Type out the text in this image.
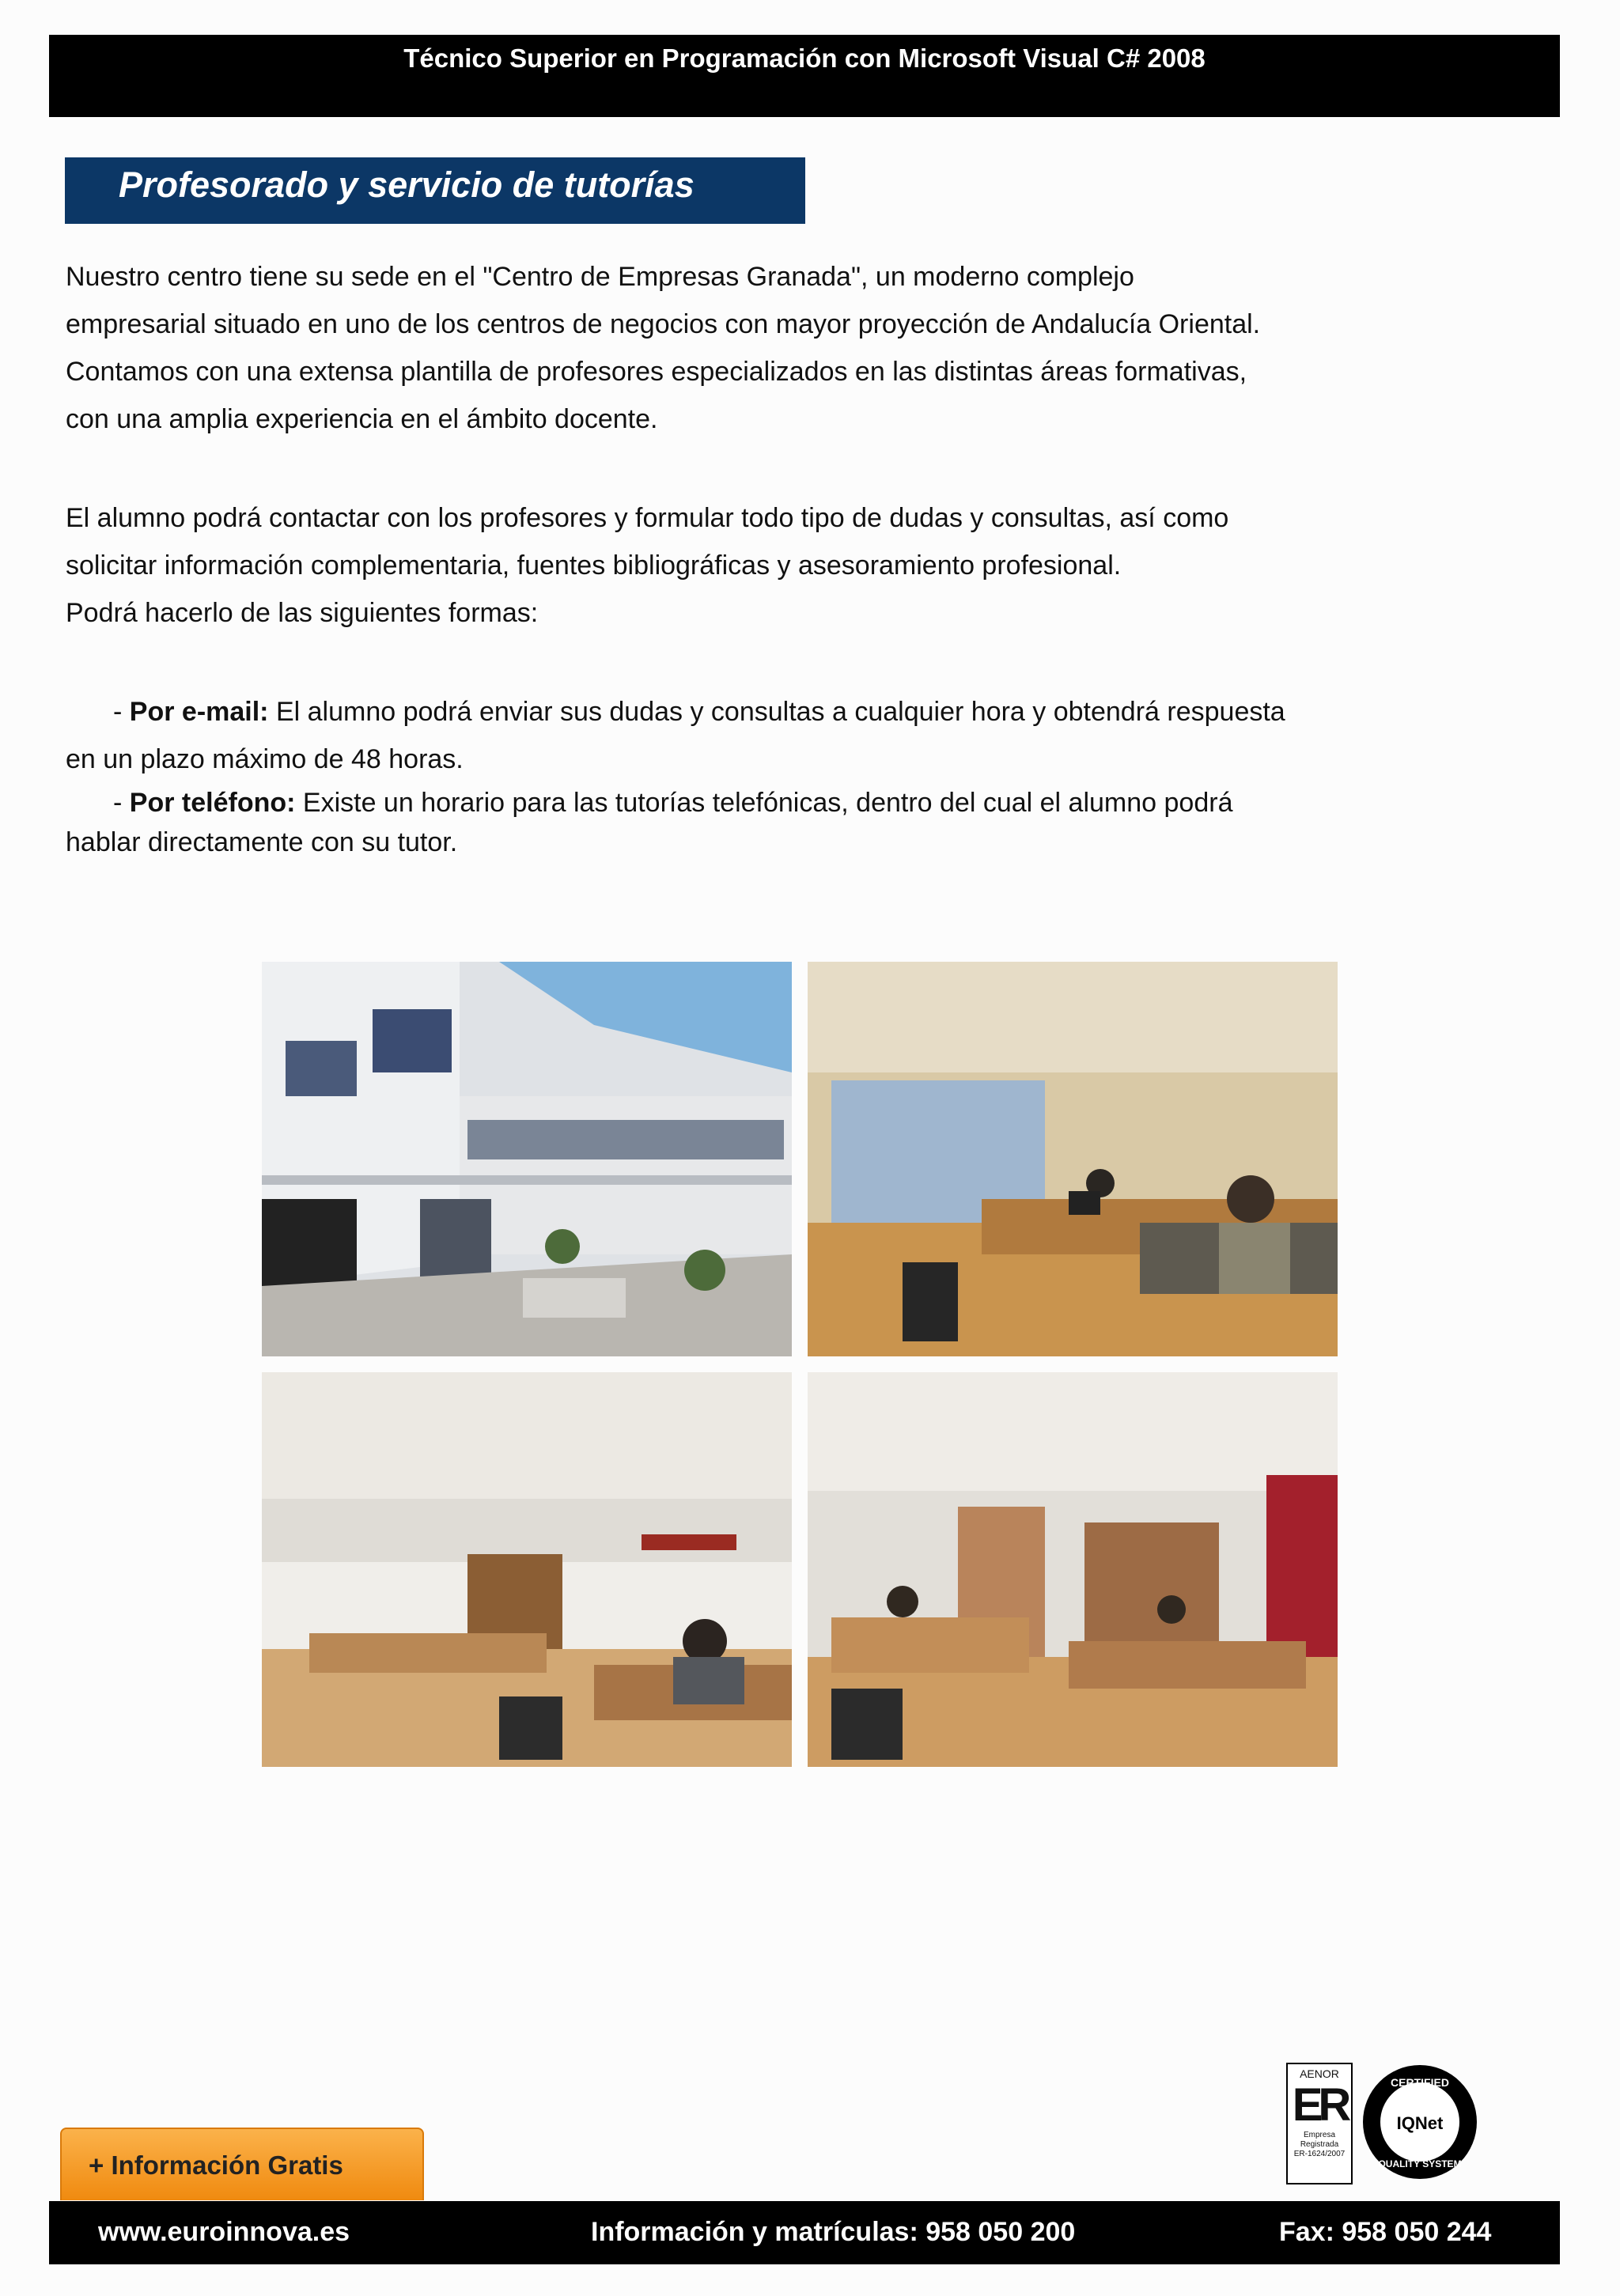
Técnico Superior en Programación con Microsoft Visual C# 2008
Profesorado y servicio de tutorías

Nuestro centro tiene su sede en el "Centro de Empresas Granada", un moderno complejo

empresarial situado en uno de los centros de negocios con mayor proyección de Andalucía Oriental.

Contamos con una extensa plantilla de profesores especializados en las distintas áreas formativas,

con una amplia experiencia en el ámbito docente.

El alumno podrá contactar con los profesores y formular todo tipo de dudas y consultas, así como

solicitar información complementaria, fuentes bibliográficas y asesoramiento profesional.

Podrá hacerlo de las siguientes formas:

- Por e-mail: El alumno podrá enviar sus dudas y consultas a cualquier hora y obtendrá respuesta
en un plazo máximo de 48 horas.
- Por teléfono: Existe un horario para las tutorías telefónicas, dentro del cual el alumno podrá
hablar directamente con su tutor.
AENOR
ER
Empresa
Registrada
ER-1624/2007
CERTIFIED
IQNet
QUALITY SYSTEM
+ Información Gratis
www.euroinnova.es	Información y matrículas: 958 050 200	Fax: 958 050 244
